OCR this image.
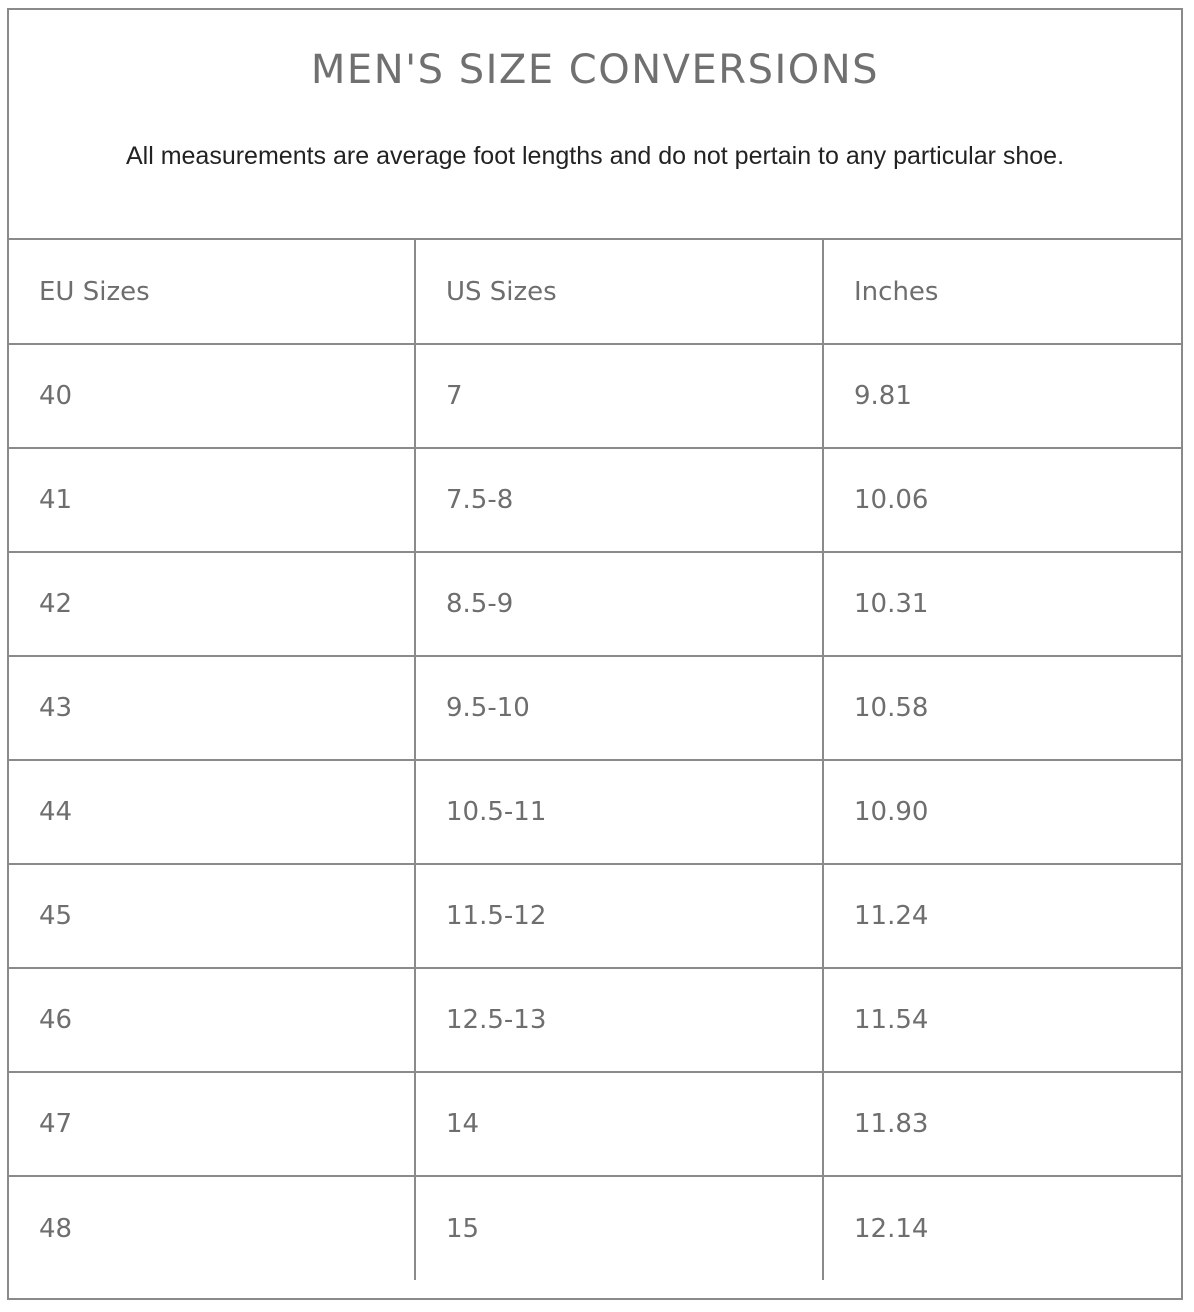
MEN'S SIZE CONVERSIONS

All measurements are average foot lengths and do not pertain to any particular shoe.

EU Sizes	US Sizes	Inches
40	7	9.81
41	7.5-8	10.06
42	8.5-9	10.31
43	9.5-10	10.58
44	10.5-11	10.90
45	11.5-12	11.24
46	12.5-13	11.54
47	14	11.83
48	15	12.14
